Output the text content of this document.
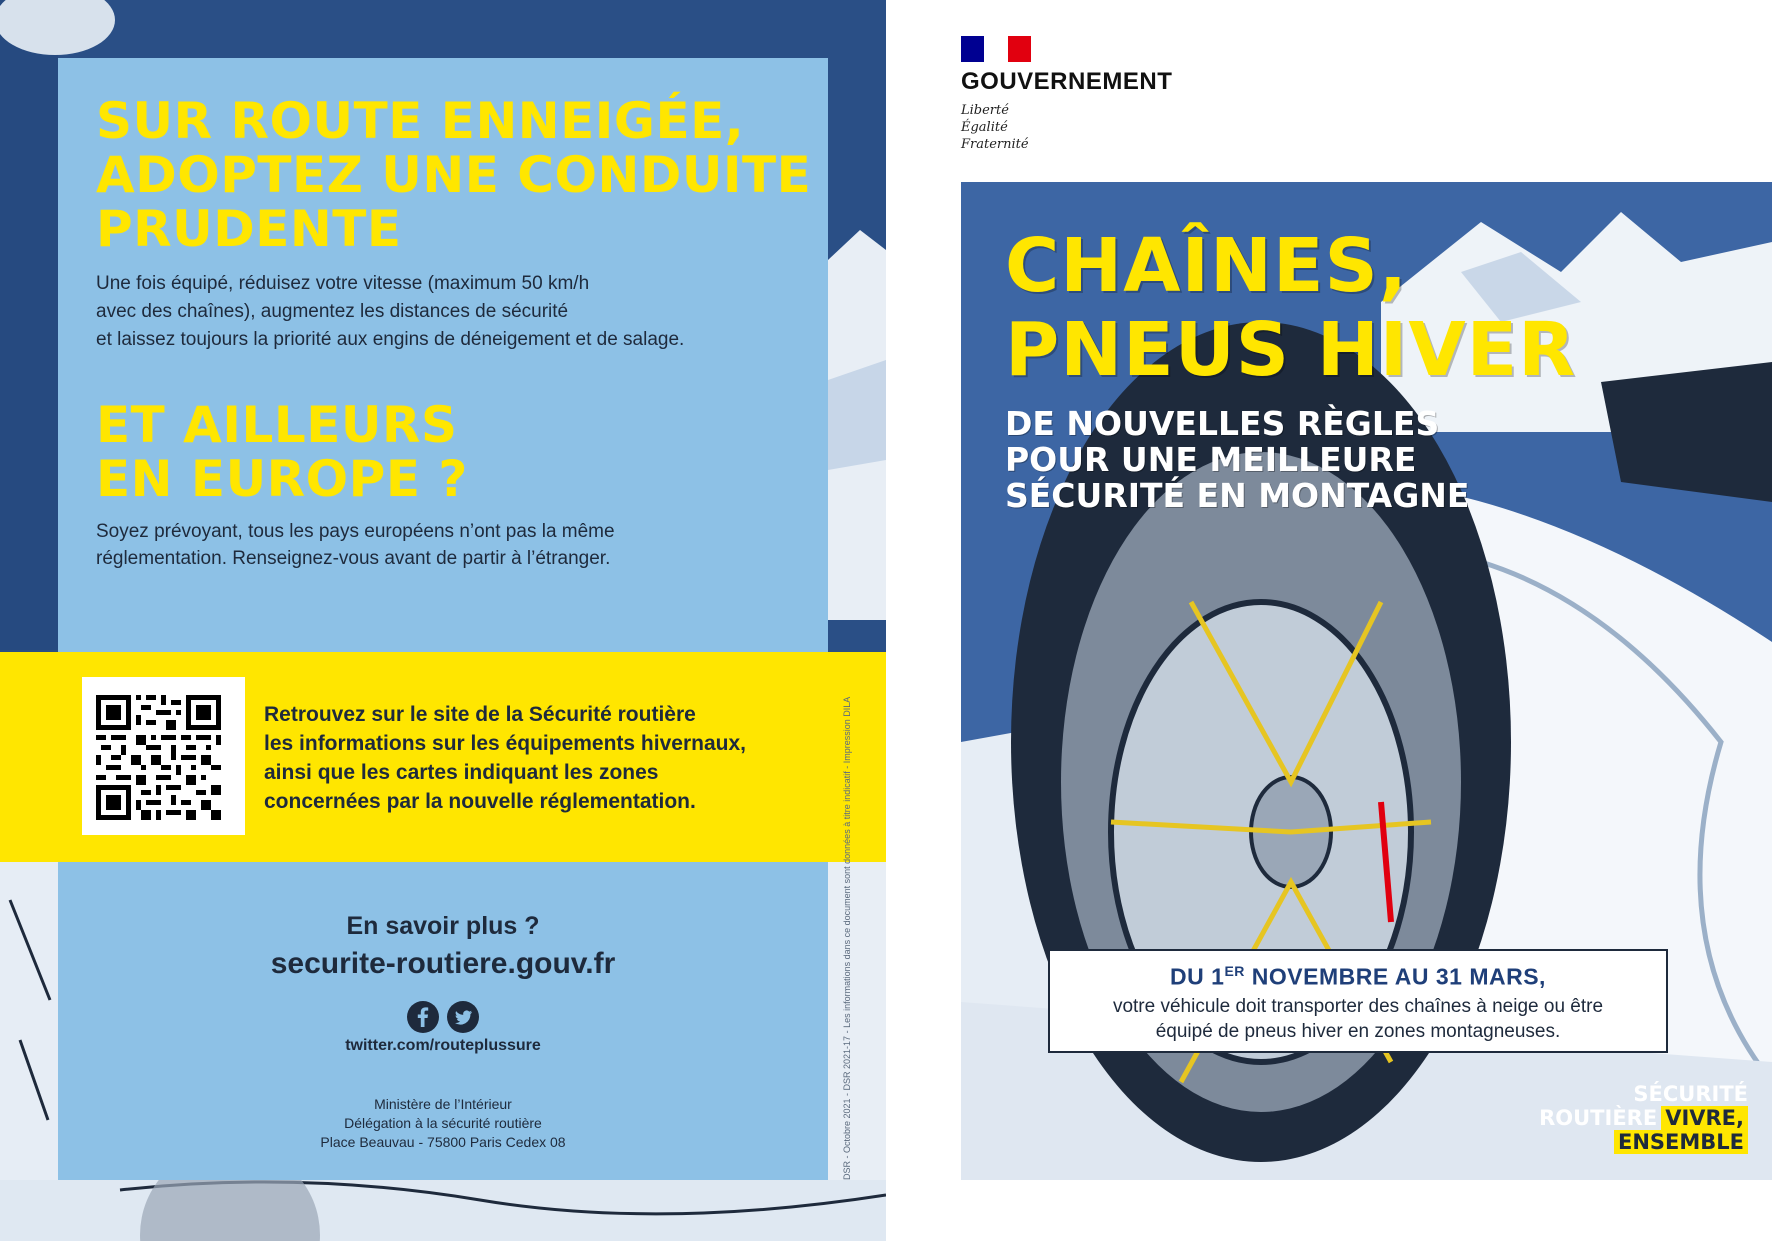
SUR ROUTE ENNEIGÉE, ADOPTEZ UNE CONDUITE PRUDENTE
Une fois équipé, réduisez votre vitesse (maximum 50 km/h
avec des chaînes), augmentez les distances de sécurité
et laissez toujours la priorité aux engins de déneigement et de salage.
ET AILLEURS
EN EUROPE ?
Soyez prévoyant, tous les pays européens n’ont pas la même
réglementation. Renseignez-vous avant de partir à l’étranger.
Retrouvez sur le site de la Sécurité routière
les informations sur les équipements hivernaux,
ainsi que les cartes indiquant les zones
concernées par la nouvelle réglementation.
En savoir plus ?
securite-routiere.gouv.fr
twitter.com/routeplussure
Ministère de l’Intérieur
Délégation à la sécurité routière
Place Beauvau - 75800 Paris Cedex 08	DSR - Octobre 2021 - DSR 2021-17 - Les informations dans ce document sont données à titre indicatif - Impression DILA
GOUVERNEMENT
Liberté
Égalité
Fraternité
CHAÎNES,
PNEUS HIVER
DE NOUVELLES RÈGLES
POUR UNE MEILLEURE
SÉCURITÉ EN MONTAGNE
DU 1ER NOVEMBRE AU 31 MARS,
votre véhicule doit transporter des chaînes à neige ou être
équipé de pneus hiver en zones montagneuses.
SÉCURITÉ
ROUTIÈRE VIVRE,
ENSEMBLE
